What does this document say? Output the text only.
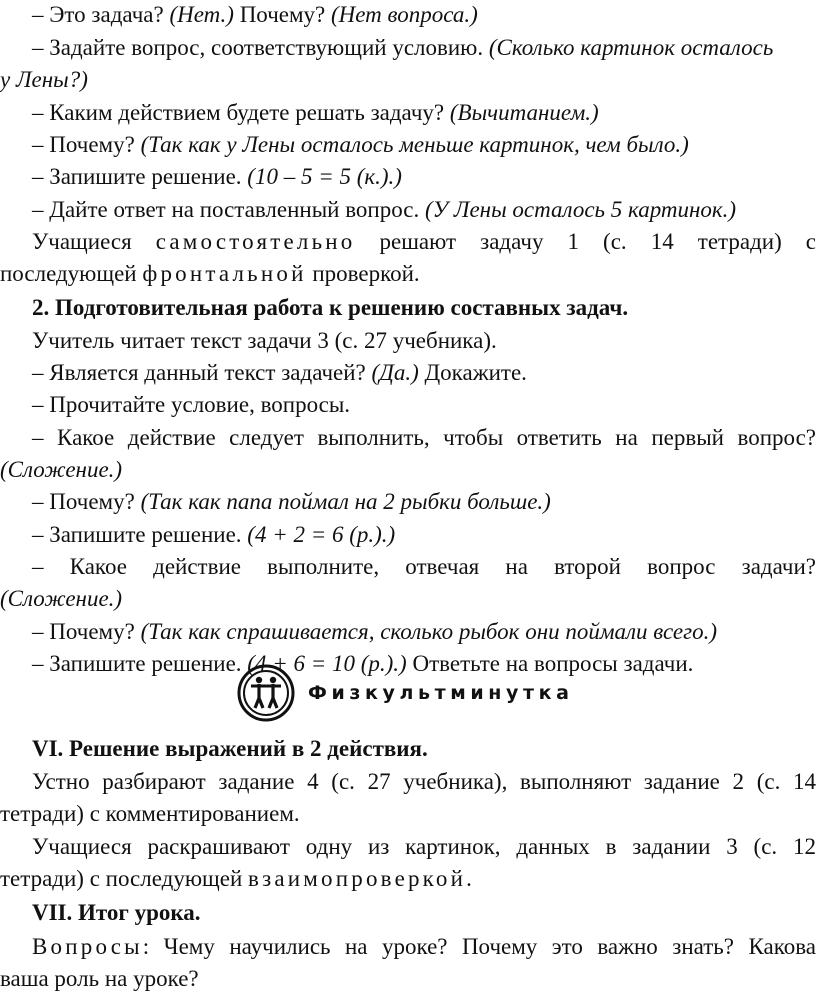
– Это задача? (Нет.) Почему? (Нет вопроса.)
– Задайте вопрос, соответствующий условию. (Сколько картинок осталось
у Лены?)
– Каким действием будете решать задачу? (Вычитанием.)
– Почему? (Так как у Лены осталось меньше картинок, чем было.)
– Запишите решение. (10 – 5 = 5 (к.).)
– Дайте ответ на поставленный вопрос. (У Лены осталось 5 картинок.)
Учащиеся самостоятельно решают задачу 1 (с. 14 тетради) с
последующей фронтальной проверкой.
2. Подготовительная работа к решению составных задач.
Учитель читает текст задачи 3 (с. 27 учебника).
– Является данный текст задачей? (Да.) Докажите.
– Прочитайте условие, вопросы.
– Какое действие следует выполнить, чтобы ответить на первый вопрос?
(Сложение.)
– Почему? (Так как папа поймал на 2 рыбки больше.)
– Запишите решение. (4 + 2 = 6 (р.).)
– Какое действие выполните, отвечая на второй вопрос задачи?
(Сложение.)
– Почему? (Так как спрашивается, сколько рыбок они поймали всего.)
– Запишите решение. (4 + 6 = 10 (р.).) Ответьте на вопросы задачи.
Физкультминутка
VI. Решение выражений в 2 действия.
Устно разбирают задание 4 (с. 27 учебника), выполняют задание 2 (с. 14
тетради) с комментированием.
Учащиеся раскрашивают одну из картинок, данных в задании 3 (с. 12
тетради) с последующей взаимопроверкой.
VII. Итог урока.
Вопросы: Чему научились на уроке? Почему это важно знать? Какова
ваша роль на уроке?
